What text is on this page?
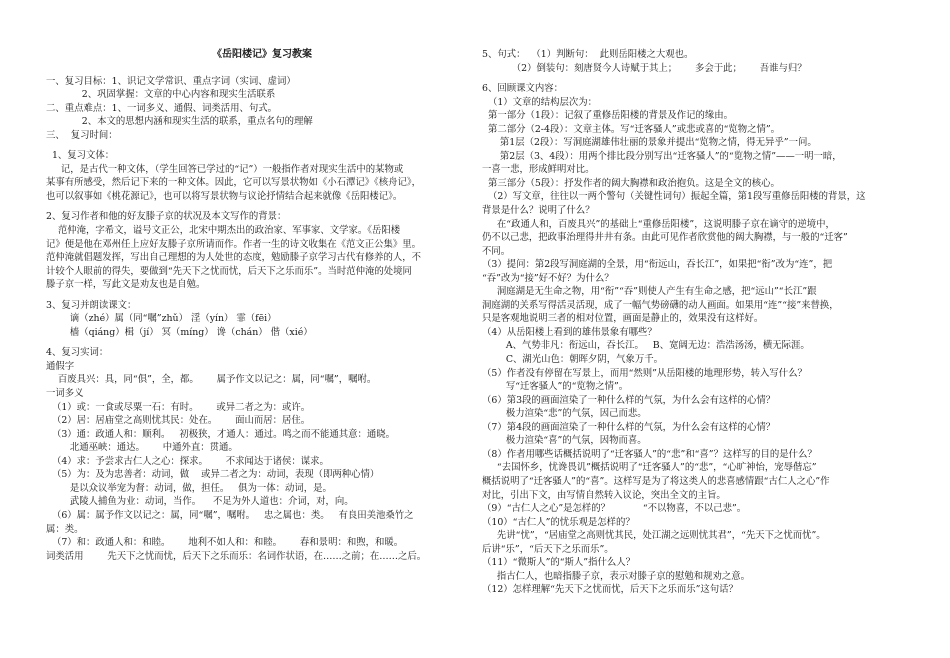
《岳阳楼记》复习教案
一、复习目标：1、识记文学常识、重点字词（实词、虚词）
2、巩固掌握：文章的中心内容和现实生活联系
二、重点难点：1、一词多义、通假、词类活用、句式。
2、本文的思想内涵和现实生活的联系，重点名句的理解
三、  复习时间：
1、复习文体：
记，是古代一种文体，（学生回答已学过的“记”）一般指作者对现实生活中的某物或
某事有所感受，然后记下来的一种文体。因此，它可以写景状物如《小石潭记》《核舟记》，
也可以叙事如《桃花源记》，也可以将写景状物与议论抒情结合起来就像《岳阳楼记》。
2、复习作者和他的好友滕子京的状况及本文写作的背景：
范仲淹，字希文，谥号文正公，北宋中期杰出的政治家、军事家、文学家。《岳阳楼
记》便是他在邓州任上应好友滕子京所请而作。作者一生的诗文收集在《范文正公集》里。
范仲淹就倡题发挥，写出自己理想的为人处世的态度，勉励滕子京学习古代有修养的人，不
计较个人眼前的得失，要做到“先天下之忧而忧，后天下之乐而乐”。当时范仲淹的处境同
滕子京一样，写此文是劝友也是自勉。
3、复习并朗读课文：
谪（zhé）属（同“嘱”zhǔ） 淫（yín） 霏（fēi）
樯（qiáng）楫（jí） 冥（míng） 谗（chán） 偕（xié）
4、复习实词：
通假字
百废具兴：具，同“俱”，全，都。      属予作文以记之：属，同“嘱”，嘱咐。
一词多义
（1）或：一食或尽粟一石：有时。      或异二者之为：或许。
（2）居：居庙堂之高则忧其民：处在。      面山而居：居住。
（3）通：政通人和：顺利。   初极狭，才通人：通过。鸣之而不能通其意：通晓。
北通巫峡：通达。      中通外直：贯通。
（4）求：予尝求古仁人之心：探求。      不求闻达于诸侯：谋求。
（5）为：及为忠善者：动词，做    或异二者之为：动词，表现（即两种心情）
是以众议举宠为督：动词，做，担任。   俱为一体：动词，是。
武陵人捕鱼为业：动词，当作。    不足为外人道也：介词，对，向。
（6）属：属予作文以记之：属，同“嘱”，嘱咐。   忠之属也：类。   有良田美池桑竹之
属：类。
（7）和：政通人和：和睦。      地利不如人和：和睦。      春和景明：和煦，和暖。
词类活用        先天下之忧而忧，后天下之乐而乐：名词作状语，在……之前；在……之后。
5、句式：  （1）判断句：  此则岳阳楼之大观也。
（2）倒装句：刻唐贤今人诗赋于其上；      多会于此；      吾谁与归？
6、回顾课文内容：
（1）文章的结构层次为：
第一部分（1段）：记叙了重修岳阳楼的背景及作记的缘由。
第二部分（2-4段）：文章主体。写“迁客骚人”或悲或喜的“览物之情”。
第1层（2段）：写洞庭湖雄伟壮丽的景象并提出“览物之情，得无异乎”一问。
第2层（3、4段）：用两个排比段分别写出“迁客骚人”的“览物之情”——一明一暗，
一喜一悲，形成鲜明对比。
第三部分（5段）：抒发作者的阔大胸襟和政治抱负。这是全文的核心。
（2）写文章，往往以一两个警句（关键性词句）振起全篇，第1段写重修岳阳楼的背景，这
背景是什么？说明了什么？
在“政通人和，百废具兴”的基础上“重修岳阳楼”，这说明滕子京在谪守的逆境中，
仍不以己悲，把政事治理得井井有条。由此可见作者欣赏他的阔大胸襟，与一般的“迁客”
不同。
（3）提问：第2段写洞庭湖的全景，用“衔远山，吞长江”，如果把“衔”改为“连”，把
“吞”改为“接”好不好？为什么？
洞庭湖是无生命之物，用“衔”“吞”则使人产生有生命之感，把“远山”“长江”跟
洞庭湖的关系写得活灵活现，成了一幅气势磅礴的动人画面。如果用“连”“接”来替换，
只是客观地说明三者的相对位置，画面是静止的，效果没有这样好。
（4）从岳阳楼上看到的雄伟景象有哪些？
A、气势非凡：衔远山，吞长江。   B、宽阔无边：浩浩汤汤，横无际涯。
C、湖光山色：朝晖夕阴，气象万千。
（5）作者没有停留在写景上，而用“然则”从岳阳楼的地理形势，转入写什么？
写“迁客骚人”的“览物之情”。
（6）第3段的画面渲染了一种什么样的气氛，为什么会有这样的心情？
极力渲染“悲”的气氛，因己而悲。
（7）第4段的画面渲染了一种什么样的气氛，为什么会有这样的心情？
极力渲染“喜”的气氛，因物而喜。
（8）作者用哪些话概括说明了“迁客骚人”的“悲”和“喜”？这样写的目的是什么？
“去国怀乡，忧谗畏讥”概括说明了“迁客骚人”的“悲”，“心旷神怡，宠辱偕忘”
概括说明了“迁客骚人”的“喜”。这样写是为了将这类人的悲喜感情跟“古仁人之心”作
对比，引出下文，由写情自然转入议论，突出全文的主旨。
（9）“古仁人之心”是怎样的？           “不以物喜，不以己悲”。
（10）“古仁人”的忧乐观是怎样的？
先讲“忧”，“居庙堂之高则忧其民，处江湖之远则忧其君”，“先天下之忧而忧”。
后讲“乐”，“后天下之乐而乐”。
（11）“微斯人”的“斯人”指什么人？
指古仁人，也暗指滕子京，表示对滕子京的慰勉和规劝之意。
（12）怎样理解“先天下之忧而忧，后天下之乐而乐”这句话？
